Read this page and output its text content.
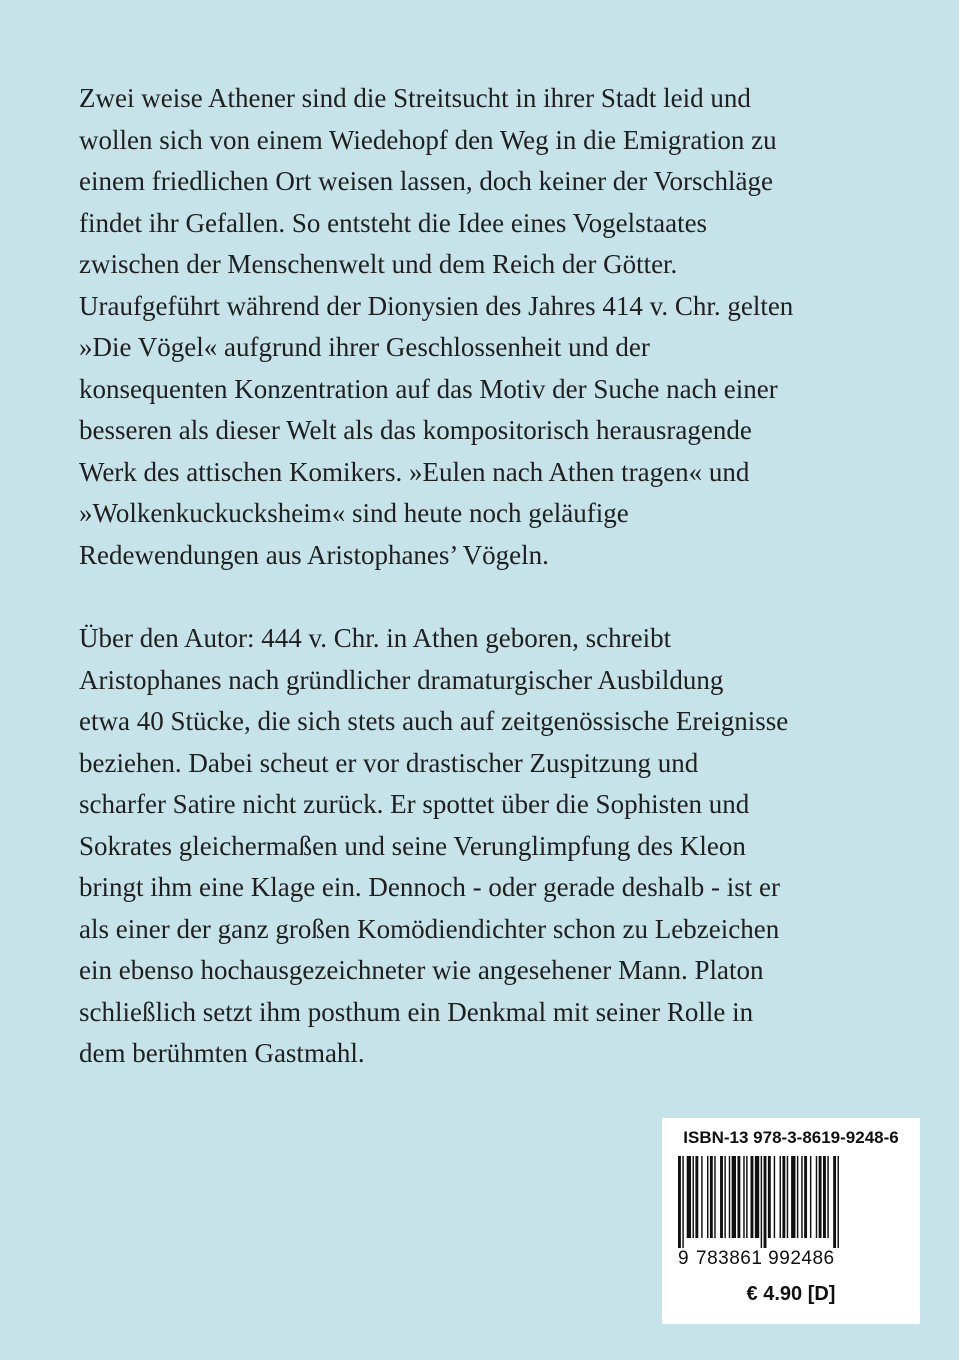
Zwei weise Athener sind die Streitsucht in ihrer Stadt leid und
wollen sich von einem Wiedehopf den Weg in die Emigration zu
einem friedlichen Ort weisen lassen, doch keiner der Vorschläge
findet ihr Gefallen. So entsteht die Idee eines Vogelstaates
zwischen der Menschenwelt und dem Reich der Götter.
Uraufgeführt während der Dionysien des Jahres 414 v. Chr. gelten
»Die Vögel« aufgrund ihrer Geschlossenheit und der
konsequenten Konzentration auf das Motiv der Suche nach einer
besseren als dieser Welt als das kompositorisch herausragende
Werk des attischen Komikers. »Eulen nach Athen tragen« und
»Wolkenkuckucksheim« sind heute noch geläufige
Redewendungen aus Aristophanes’ Vögeln.

Über den Autor: 444 v. Chr. in Athen geboren, schreibt
Aristophanes nach gründlicher dramaturgischer Ausbildung
etwa 40 Stücke, die sich stets auch auf zeitgenössische Ereignisse
beziehen. Dabei scheut er vor drastischer Zuspitzung und
scharfer Satire nicht zurück. Er spottet über die Sophisten und
Sokrates gleichermaßen und seine Verunglimpfung des Kleon
bringt ihm eine Klage ein. Dennoch - oder gerade deshalb - ist er
als einer der ganz großen Komödiendichter schon zu Lebzeichen
ein ebenso hochausgezeichneter wie angesehener Mann. Platon
schließlich setzt ihm posthum ein Denkmal mit seiner Rolle in
dem berühmten Gastmahl.

ISBN-13 978-3-8619-9248-6
9 783861 992486
€ 4.90 [D]
